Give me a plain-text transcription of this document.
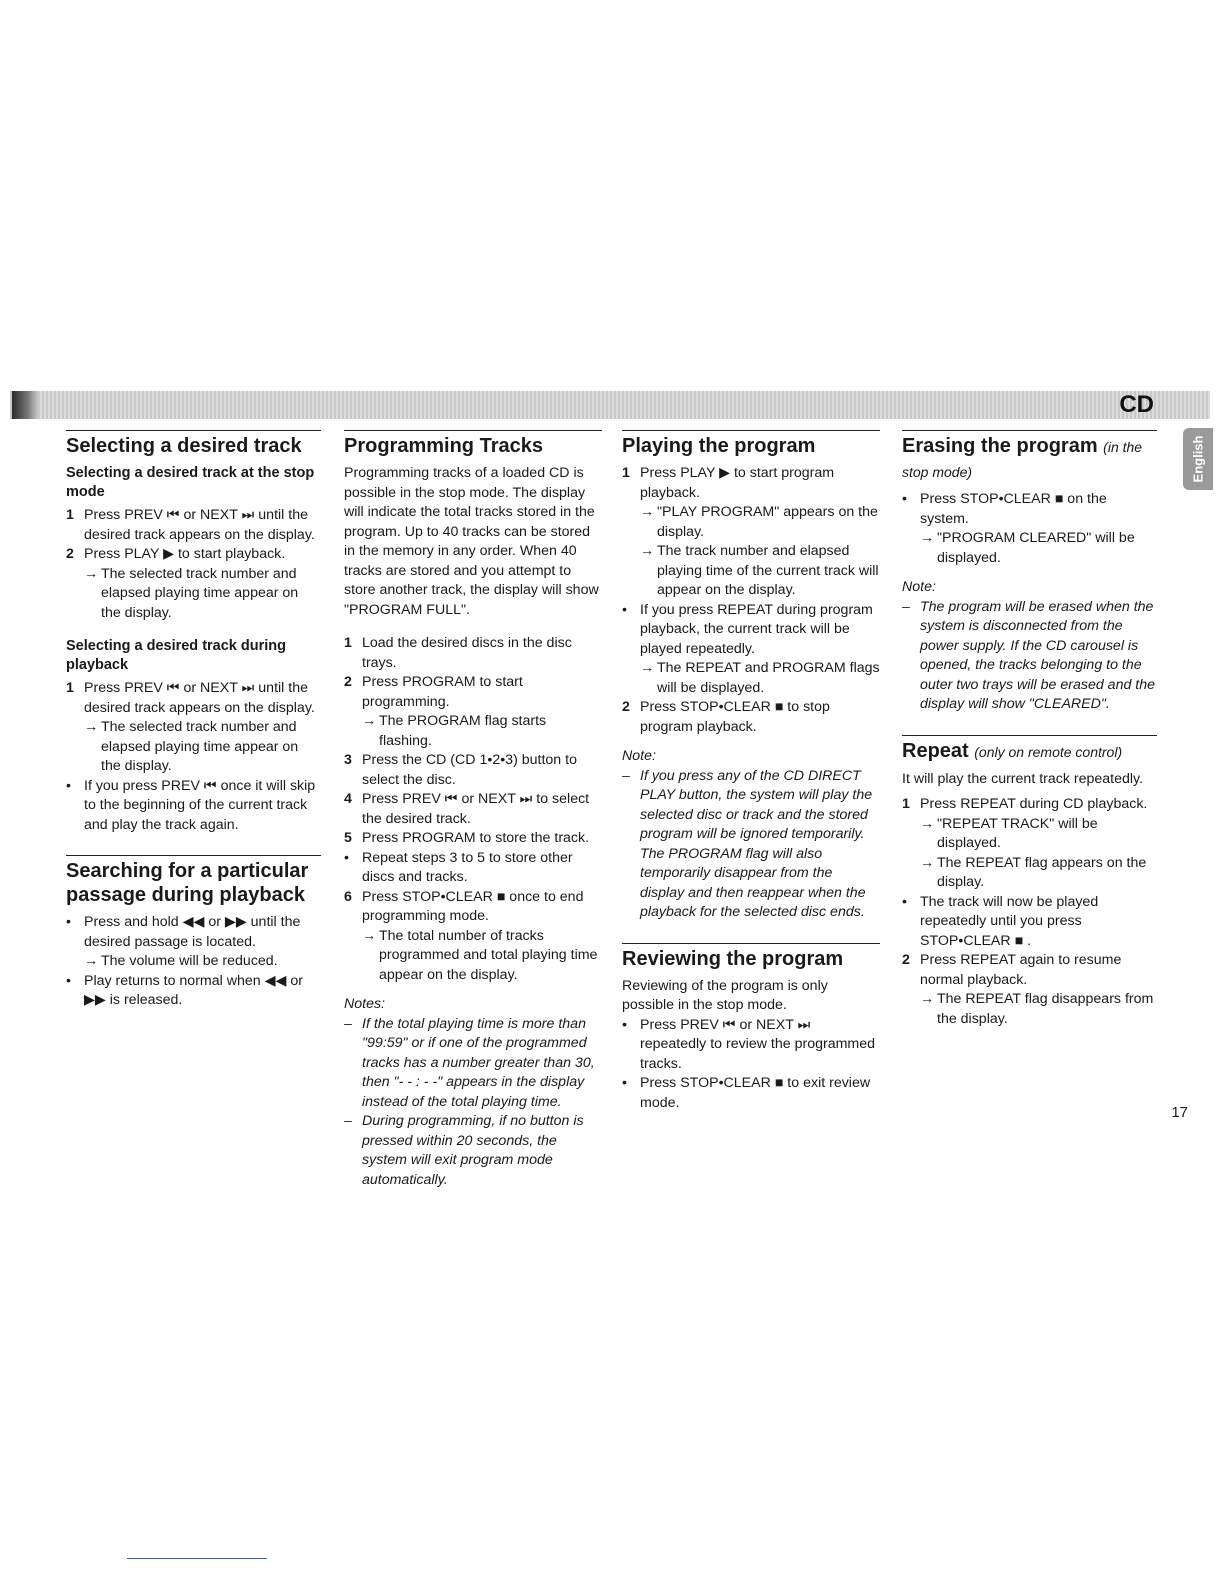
CD
English
Selecting a desired track
Selecting a desired track at the stop mode
1 Press PREV ⏮ or NEXT ⏭ until the desired track appears on the display.
2 Press PLAY ▶ to start playback.

→ The selected track number and elapsed playing time appear on the display.

Selecting a desired track during playback
1 Press PREV ⏮ or NEXT ⏭ until the desired track appears on the display.

→ The selected track number and elapsed playing time appear on the display.

• If you press PREV ⏮ once it will skip to the beginning of the current track and play the track again.
Searching for a particular passage during playback
• Press and hold ◀◀ or ▶▶ until the desired passage is located.

→ The volume will be reduced.

• Play returns to normal when ◀◀ or ▶▶ is released.
Programming Tracks

Programming tracks of a loaded CD is possible in the stop mode. The display will indicate the total tracks stored in the program. Up to 40 tracks can be stored in the memory in any order. When 40 tracks are stored and you attempt to store another track, the display will show "PROGRAM FULL".

1 Load the desired discs in the disc trays.
2 Press PROGRAM to start programming.

→ The PROGRAM flag starts flashing.

3 Press the CD (CD 1•2•3) button to select the disc.
4 Press PREV ⏮ or NEXT ⏭ to select the desired track.
5 Press PROGRAM to store the track.
• Repeat steps 3 to 5 to store other discs and tracks.
6 Press STOP•CLEAR ■ once to end programming mode.

→ The total number of tracks programmed and total playing time appear on the display.

Notes:

– If the total playing time is more than "99:59" or if one of the programmed tracks has a number greater than 30, then "- - : - -" appears in the display instead of the total playing time.

– During programming, if no button is pressed within 20 seconds, the system will exit program mode automatically.

Playing the program
1 Press PLAY ▶ to start program playback.

→ "PLAY PROGRAM" appears on the display.

→ The track number and elapsed playing time of the current track will appear on the display.

• If you press REPEAT during program playback, the current track will be played repeatedly.

→ The REPEAT and PROGRAM flags will be displayed.

2 Press STOP•CLEAR ■ to stop program playback.

Note:

– If you press any of the CD DIRECT PLAY button, the system will play the selected disc or track and the stored program will be ignored temporarily. The PROGRAM flag will also temporarily disappear from the display and then reappear when the playback for the selected disc ends.

Reviewing the program

Reviewing of the program is only possible in the stop mode.

• Press PREV ⏮ or NEXT ⏭ repeatedly to review the programmed tracks.
• Press STOP•CLEAR ■ to exit review mode.
Erasing the program (in the stop mode)
• Press STOP•CLEAR ■ on the system.

→ "PROGRAM CLEARED" will be displayed.

Note:

– The program will be erased when the system is disconnected from the power supply. If the CD carousel is opened, the tracks belonging to the outer two trays will be erased and the display will show "CLEARED".

Repeat (only on remote control)

It will play the current track repeatedly.

1 Press REPEAT during CD playback.

→ "REPEAT TRACK" will be displayed.

→ The REPEAT flag appears on the display.

• The track will now be played repeatedly until you press STOP•CLEAR ■ .
2 Press REPEAT again to resume normal playback.

→ The REPEAT flag disappears from the display.

17
